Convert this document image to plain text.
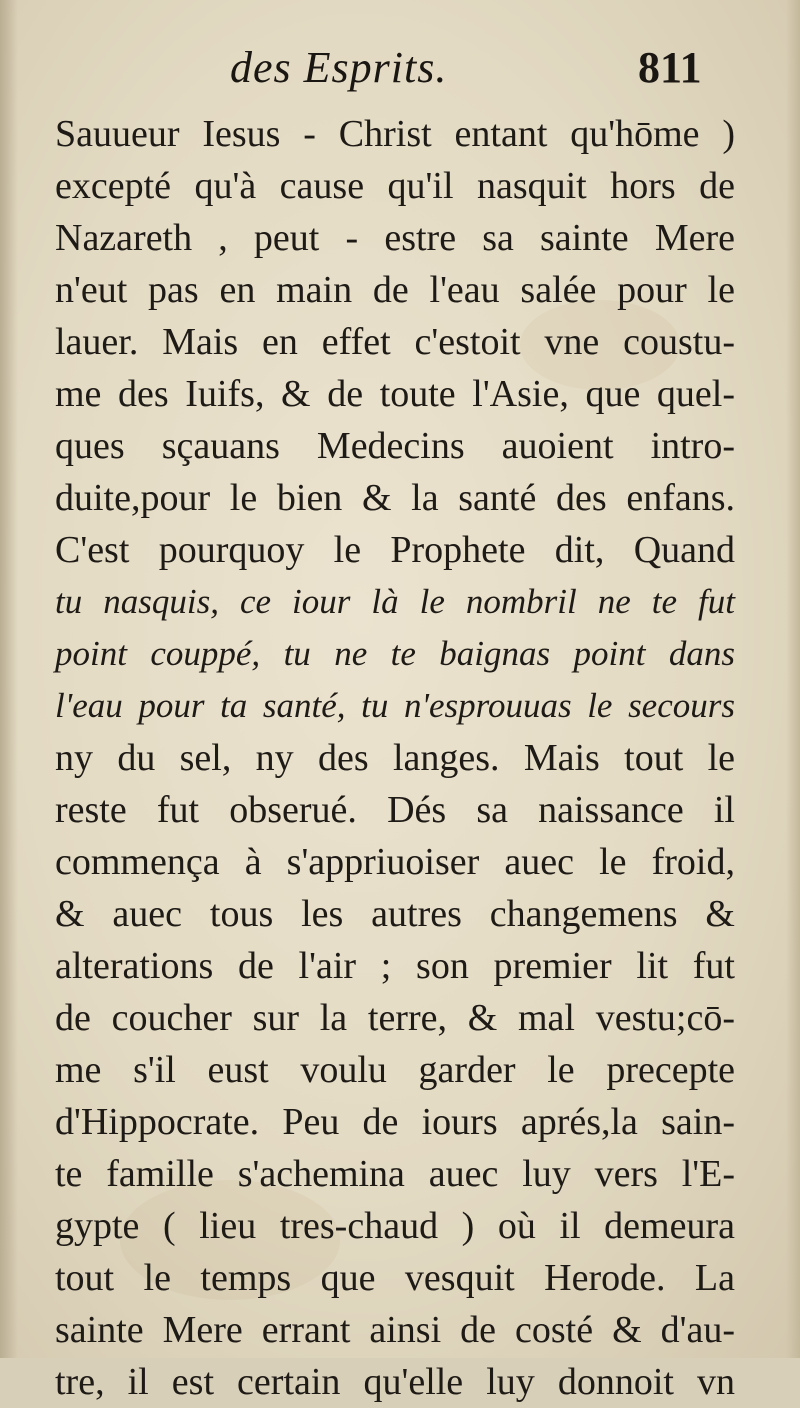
des Esprits.	811
Sauueur Iesus - Christ entant qu'hōme )
excepté qu'à cause qu'il nasquit hors de
Nazareth , peut - estre sa sainte Mere
n'eut pas en main de l'eau salée pour le
lauer. Mais en effet c'estoit vne coustu-
me des Iuifs, & de toute l'Asie, que quel-
ques sçauans Medecins auoient intro-
duite,pour le bien & la santé des enfans.
C'est pourquoy le Prophete dit, Quand
tu nasquis, ce iour là le nombril ne te fut
point couppé, tu ne te baignas point dans
l'eau pour ta santé, tu n'esprouuas le secours
ny du sel, ny des langes. Mais tout le
reste fut obserué. Dés sa naissance il
commença à s'appriuoiser auec le froid,
& auec tous les autres changemens &
alterations de l'air ; son premier lit fut
de coucher sur la terre, & mal vestu;cō-
me s'il eust voulu garder le precepte
d'Hippocrate. Peu de iours aprés,la sain-
te famille s'achemina auec luy vers l'E-
gypte ( lieu tres-chaud ) où il demeura
tout le temps que vesquit Herode. La
sainte Mere errant ainsi de costé & d'au-
tre, il est certain qu'elle luy donnoit vn
